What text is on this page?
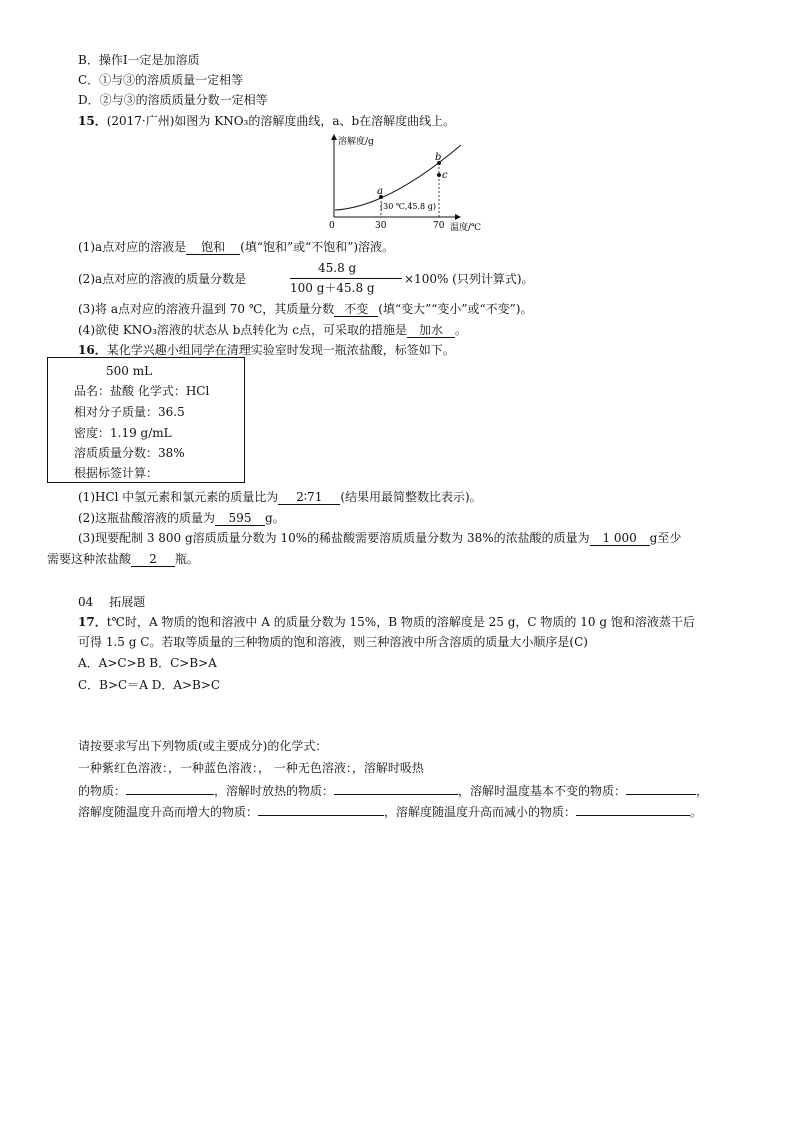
B．操作Ⅰ一定是加溶质
C．①与③的溶质质量一定相等
D．②与③的溶质质量分数一定相等
15．(2017·广州)如图为 KNO₃的溶解度曲线，a、b在溶解度曲线上。
溶解度/g
温度/℃
0	30	70
a
b
c
(30 ℃,45.8 g)
(1)a点对应的溶液是 饱和 (填“饱和”或“不饱和”)溶液。
(2)a点对应的溶液的质量分数是
45.8 g
100 g＋45.8 g
×100% (只列计算式)。
(3)将 a点对应的溶液升温到 70 ℃，其质量分数 不变 (填“变大”“变小”或“不变”)。
(4)欲使 KNO₃溶液的状态从 b点转化为 c点，可采取的措施是 加水 。
16．某化学兴趣小组同学在清理实验室时发现一瓶浓盐酸，标签如下。
500 mL
品名：盐酸 化学式：HCl
相对分子质量：36.5
密度：1.19 g/mL
溶质质量分数：38%
根据标签计算：
(1)HCl 中氢元素和氯元素的质量比为 2∶71 (结果用最简整数比表示)。
(2)这瓶盐酸溶液的质量为 595 g。
(3)现要配制 3 800 g溶质质量分数为 10%的稀盐酸需要溶质质量分数为 38%的浓盐酸的质量为 1 000 g至少
需要这种浓盐酸 2 瓶。
04 拓展题
17．t℃时，A 物质的饱和溶液中 A 的质量分数为 15%，B 物质的溶解度是 25 g，C 物质的 10 g 饱和溶液蒸干后
可得 1.5 g C。若取等质量的三种物质的饱和溶液，则三种溶液中所含溶质的质量大小顺序是(C)
A．A>C>B B．C>B>A
C．B>C＝A D．A>B>C
请按要求写出下列物质(或主要成分)的化学式：
一种紫红色溶液：，一种蓝色溶液：， 一种无色溶液：，溶解时吸热
的物质：	，溶解时放热的物质：	，溶解时温度基本不变的物质：	，
溶解度随温度升高而增大的物质：	，溶解度随温度升高而减小的物质：	。
